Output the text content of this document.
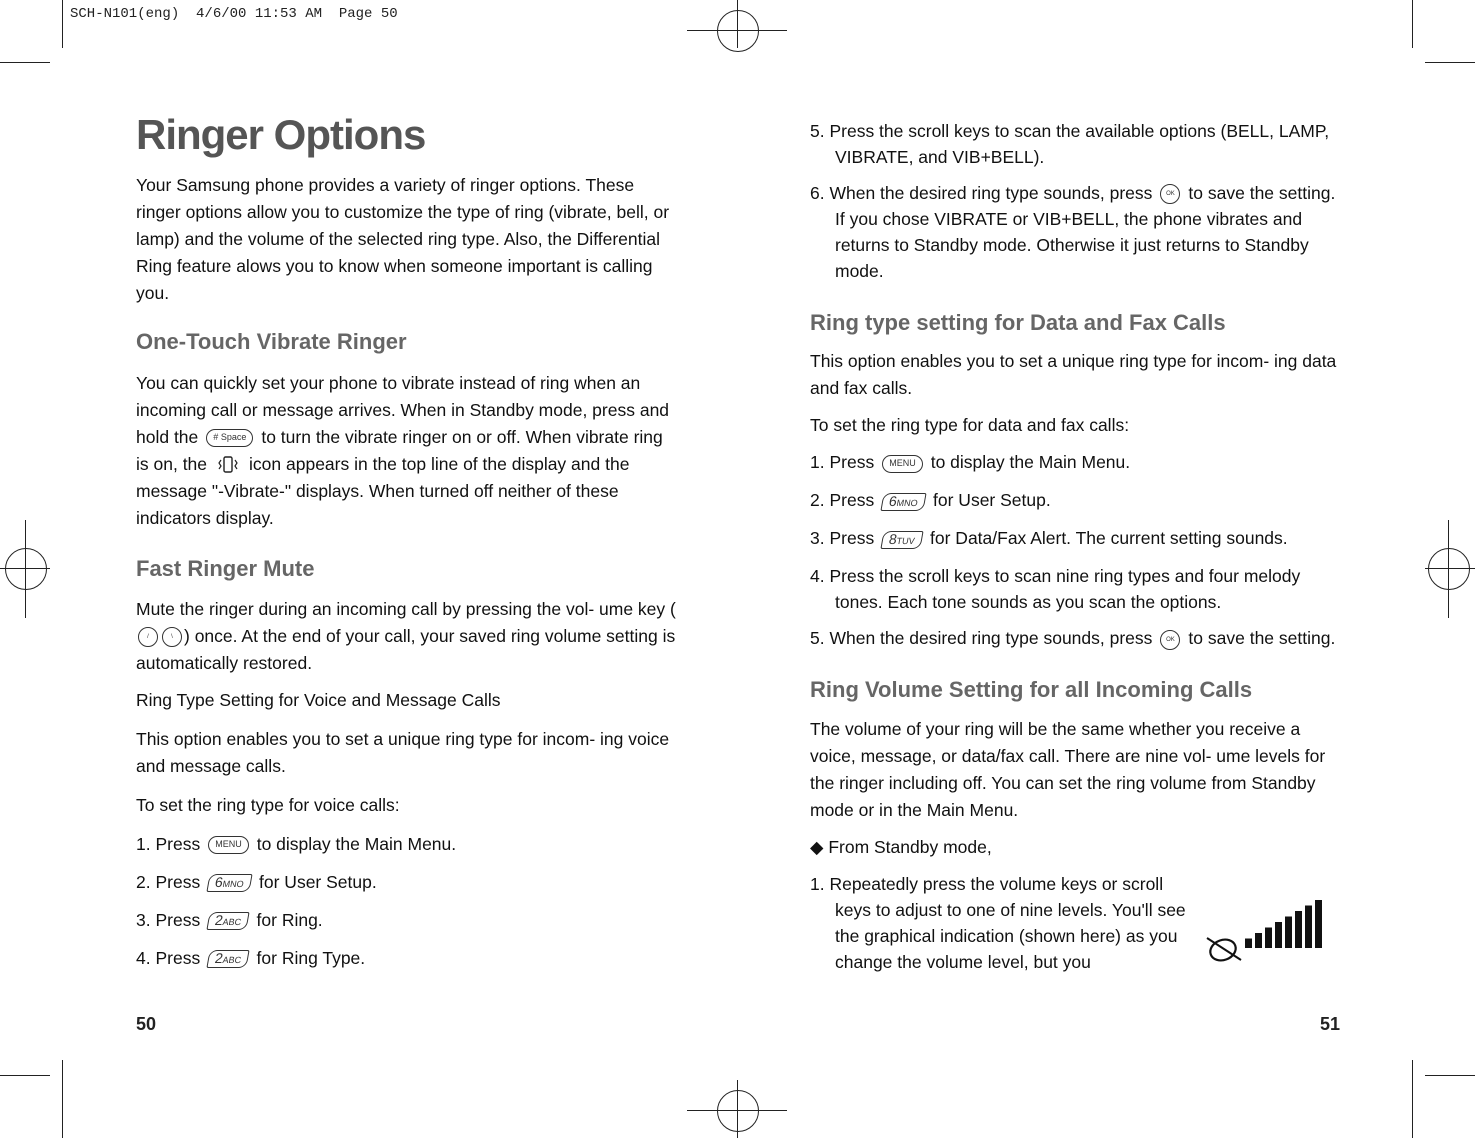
SCH-N101(eng)  4/6/00 11:53 AM  Page 50
Ringer Options

Your Samsung phone provides a variety of ringer options. These ringer options allow you to customize the type of ring (vibrate, bell, or lamp) and the volume of the selected ring type. Also, the Differential Ring feature alows you to know when someone important is calling you.

One-Touch Vibrate Ringer

You can quickly set your phone to vibrate instead of ring when an incoming call or message arrives. When in Standby mode, press and hold the # Space to turn the vibrate ringer on or off. When vibrate ring is on, the icon appears in the top line of the display and the message "-Vibrate-" displays. When turned off neither of these indicators display.

Fast Ringer Mute

Mute the ringer during an incoming call by pressing the vol- ume key (/	\ ) once. At the end of your call, your saved ring volume setting is automatically restored.

Ring Type Setting for Voice and Message Calls

This option enables you to set a unique ring type for incom- ing voice and message calls.

To set the ring type for voice calls:

1. Press MENU to display the Main Menu.

2. Press 6MNO for User Setup.

3. Press 2ABC for Ring.

4. Press 2ABC for Ring Type.

50

5. Press the scroll keys to scan the available options (BELL, LAMP, VIBRATE, and VIB+BELL).

6. When the desired ring type sounds, press OK to save the setting. If you chose VIBRATE or VIB+BELL, the phone vibrates and returns to Standby mode. Otherwise it just returns to Standby mode.

Ring type setting for Data and Fax Calls

This option enables you to set a unique ring type for incom- ing data and fax calls.

To set the ring type for data and fax calls:

1. Press MENU to display the Main Menu.

2. Press 6MNO for User Setup.

3. Press 8TUV for Data/Fax Alert. The current setting sounds.

4. Press the scroll keys to scan nine ring types and four melody tones. Each tone sounds as you scan the options.

5. When the desired ring type sounds, press OK to save the setting.

Ring Volume Setting for all Incoming Calls

The volume of your ring will be the same whether you receive a voice, message, or data/fax call. There are nine vol- ume levels for the ringer including off. You can set the ring volume from Standby mode or in the Main Menu.

◆ From Standby mode,

1. Repeatedly press the volume keys or scroll keys to adjust to one of nine levels. You'll see the graphical indication (shown here) as you change the volume level, but you

51
